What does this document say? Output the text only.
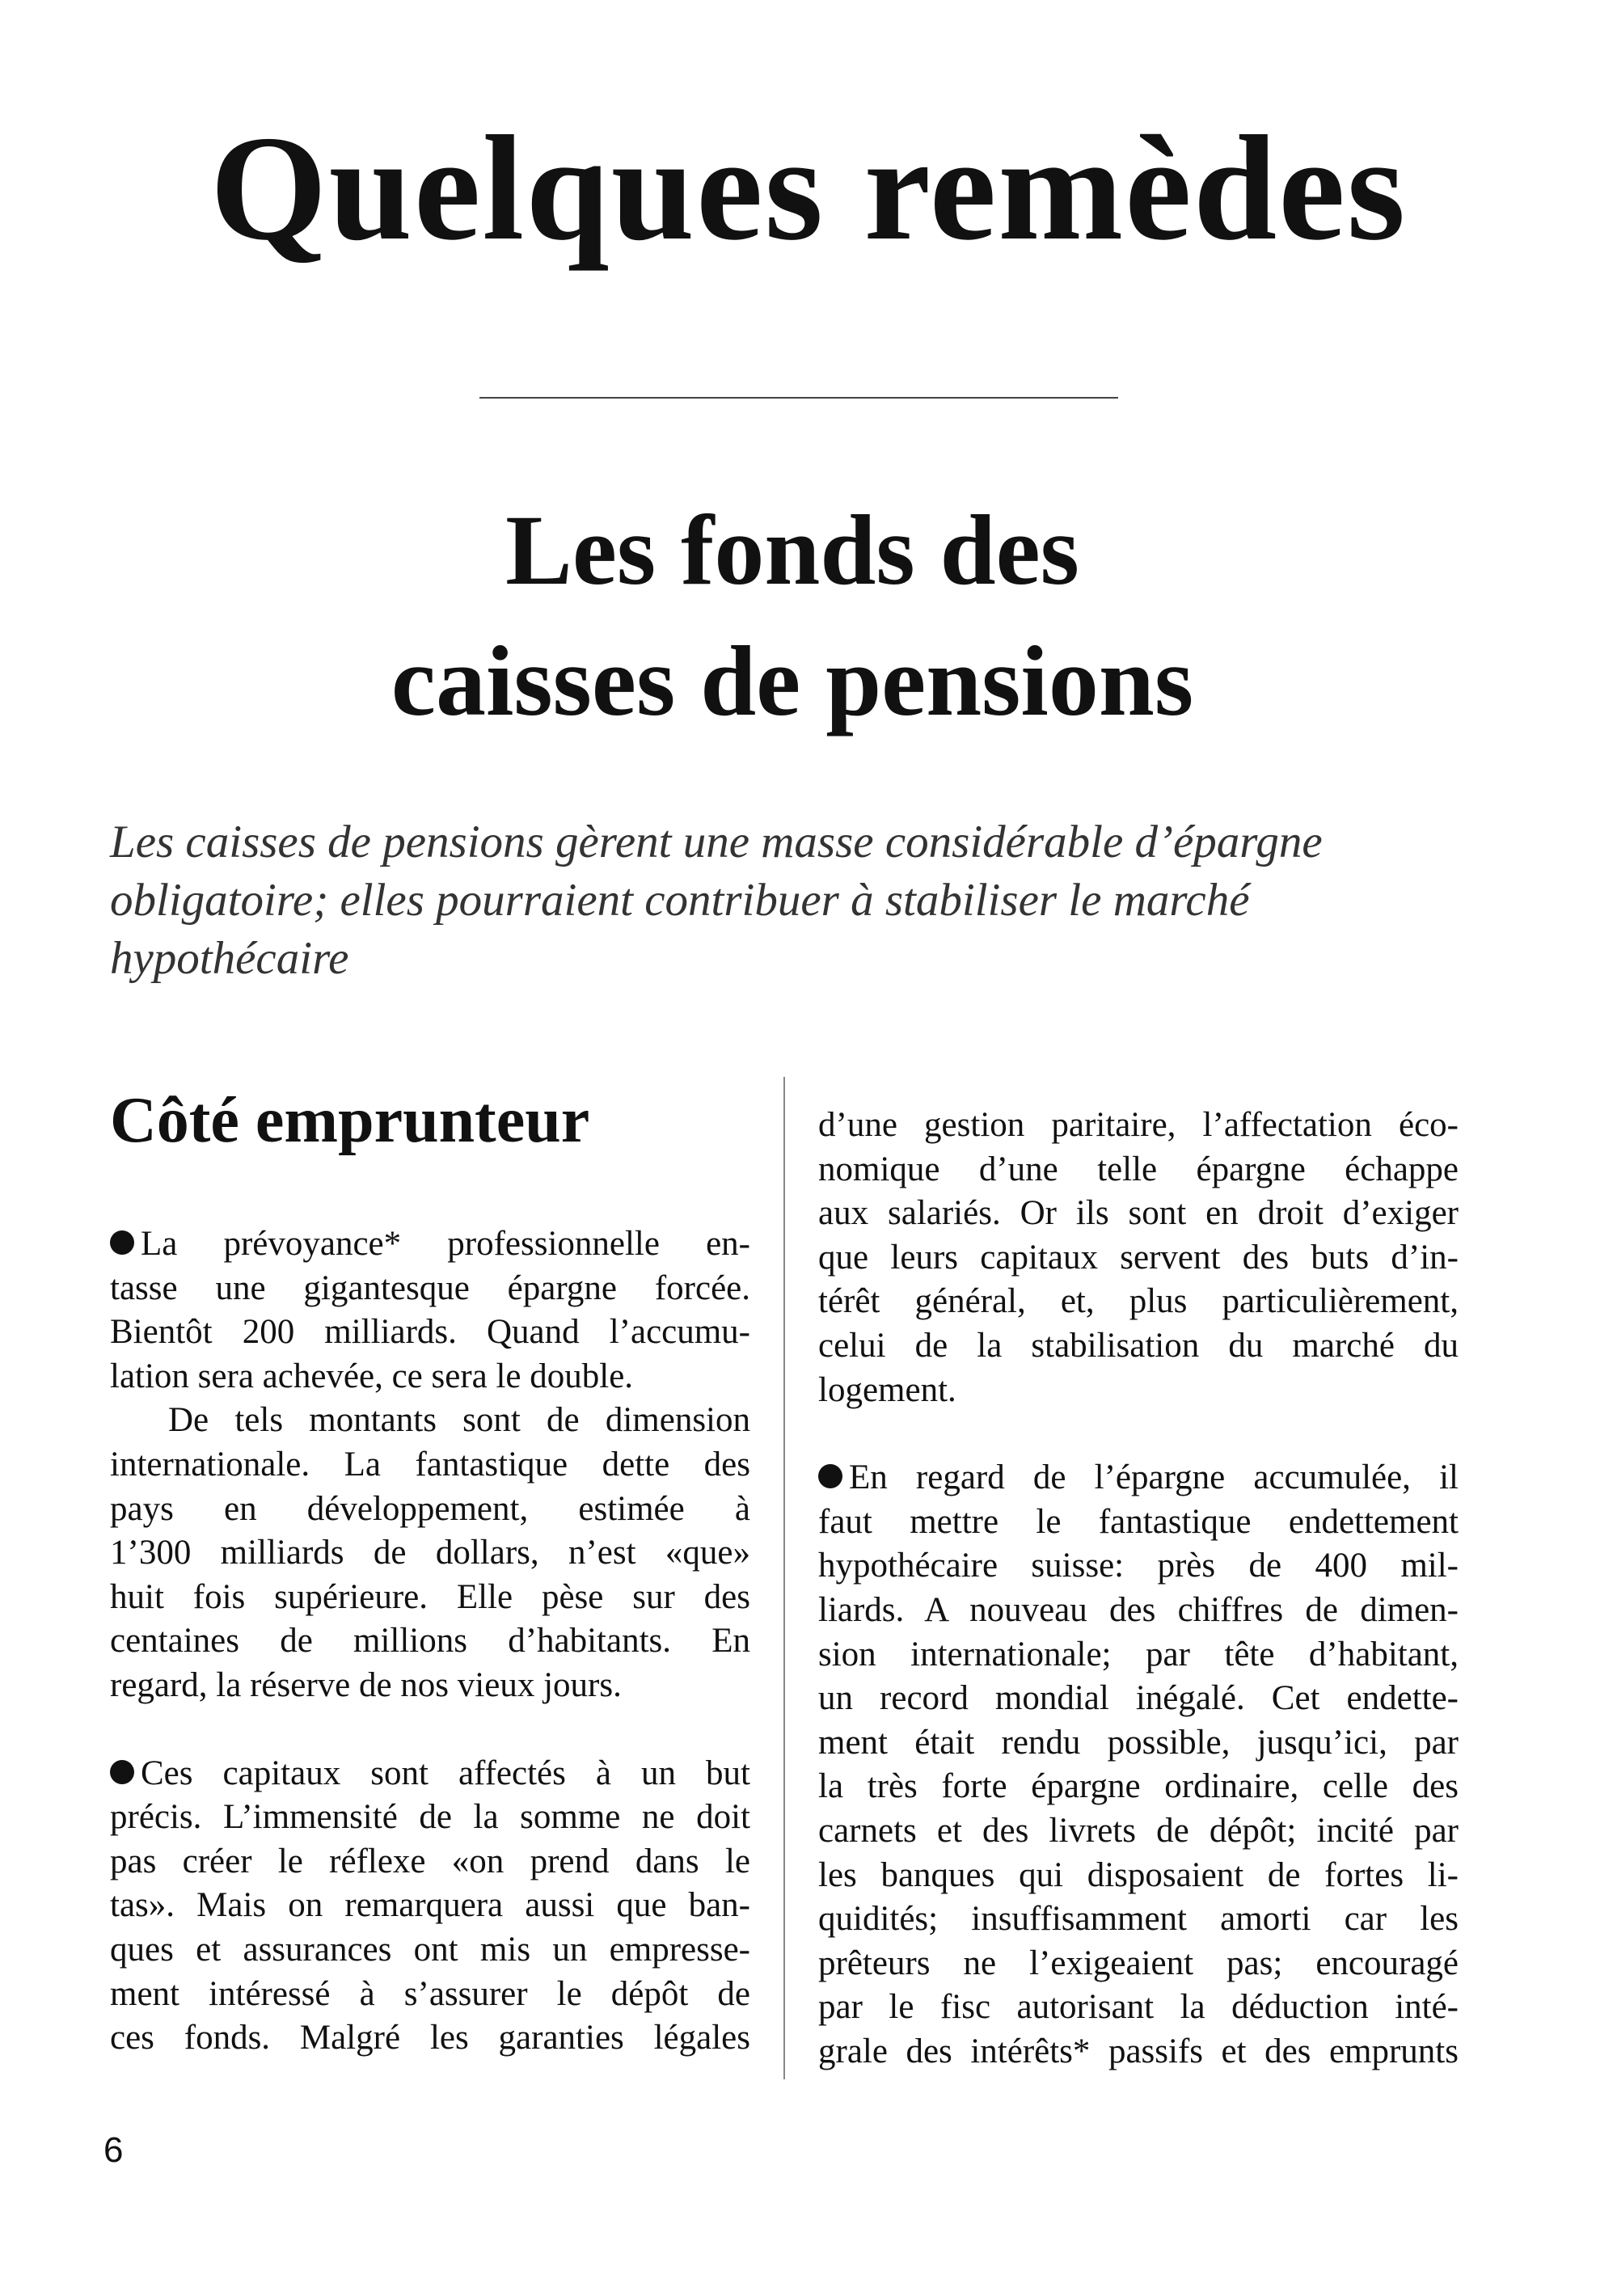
Quelques remèdes
Les fonds des
caisses de pensions

Les caisses de pensions gèrent une masse considérable d’épargne
obligatoire; elles pourraient contribuer à stabiliser le marché
hypothécaire

Côté emprunteur

La prévoyance* professionnelle en-
tasse une gigantesque épargne forcée.
Bientôt 200 milliards. Quand l’accumu-
lation sera achevée, ce sera le double.

De tels montants sont de dimension
internationale. La fantastique dette des
pays en développement, estimée à
1’300 milliards de dollars, n’est «que»
huit fois supérieure. Elle pèse sur des
centaines de millions d’habitants. En
regard, la réserve de nos vieux jours.

Ces capitaux sont affectés à un but
précis. L’immensité de la somme ne doit
pas créer le réflexe «on prend dans le
tas». Mais on remarquera aussi que ban-
ques et assurances ont mis un empresse-
ment intéressé à s’assurer le dépôt de
ces fonds. Malgré les garanties légales

d’une gestion paritaire, l’affectation éco-
nomique d’une telle épargne échappe
aux salariés. Or ils sont en droit d’exiger
que leurs capitaux servent des buts d’in-
térêt général, et, plus particulièrement,
celui de la stabilisation du marché du
logement.

En regard de l’épargne accumulée, il
faut mettre le fantastique endettement
hypothécaire suisse: près de 400 mil-
liards. A nouveau des chiffres de dimen-
sion internationale; par tête d’habitant,
un record mondial inégalé. Cet endette-
ment était rendu possible, jusqu’ici, par
la très forte épargne ordinaire, celle des
carnets et des livrets de dépôt; incité par
les banques qui disposaient de fortes li-
quidités; insuffisamment amorti car les
prêteurs ne l’exigeaient pas; encouragé
par le fisc autorisant la déduction inté-
grale des intérêts* passifs et des emprunts

6
